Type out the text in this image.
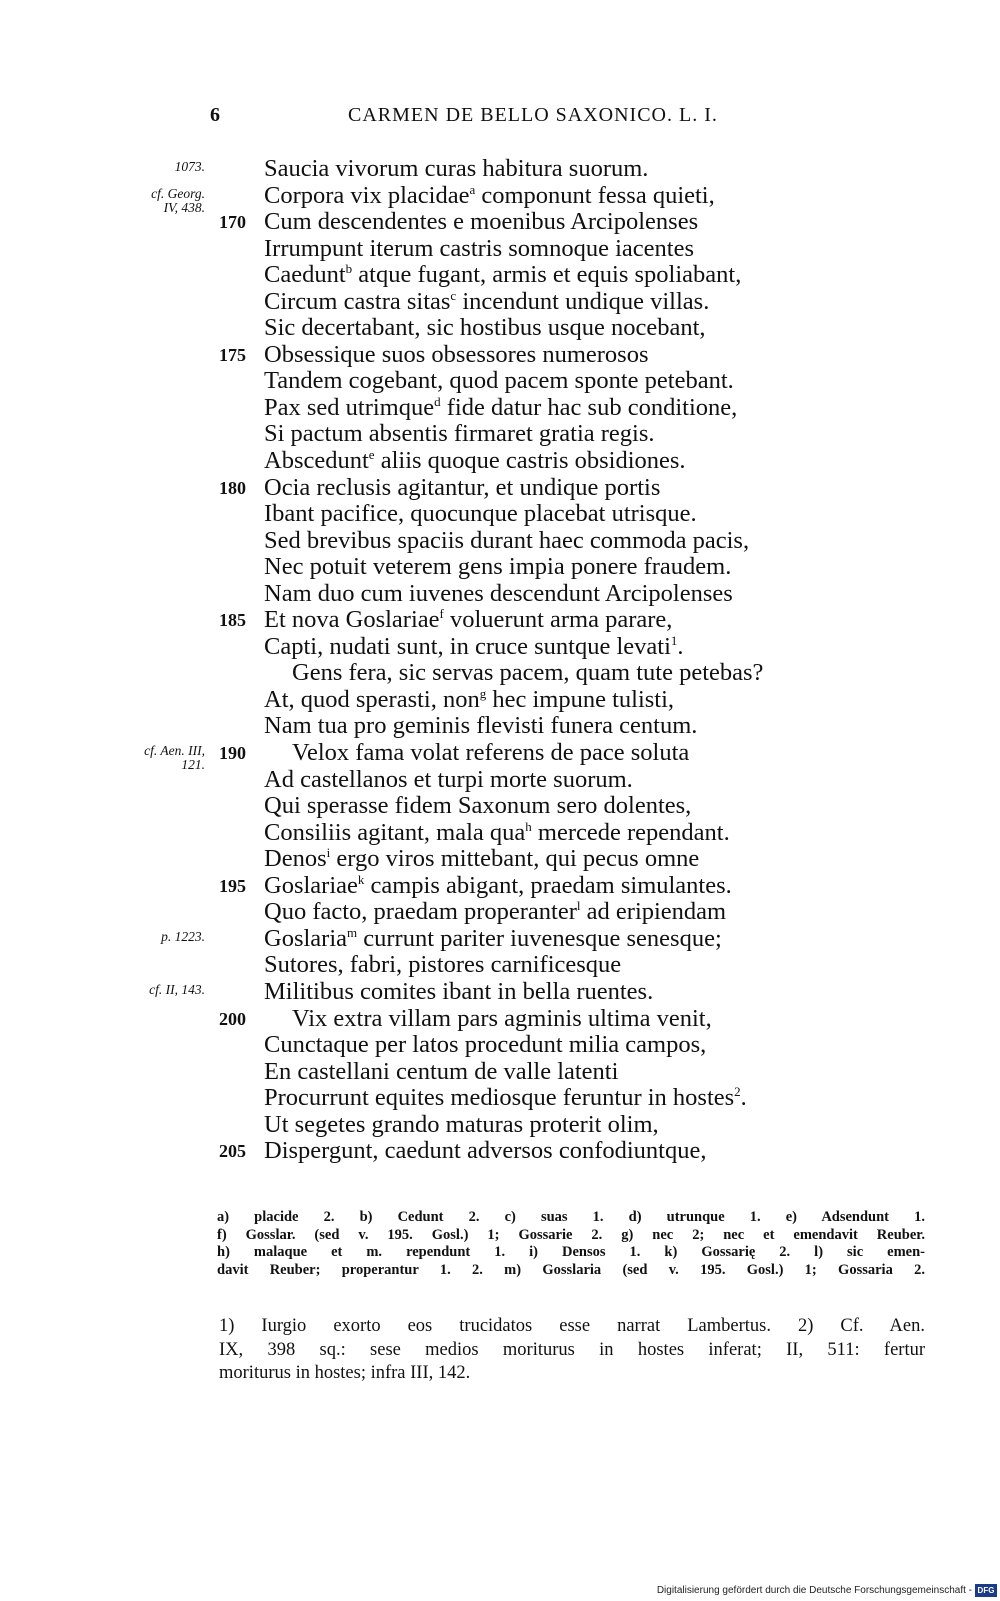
6	CARMEN DE BELLO SAXONICO. L. I.
1073. Saucia vivorum curas habitura suorum.
cf. Georg.
IV, 438. Corpora vix placidae$^a$ componunt fessa quieti,
170 Cum descendentes e moenibus Arcipolenses
Irrumpunt iterum castris somnoque iacentes
Caedunt$^b$ atque fugant, armis et equis spoliabant,
Circum castra sitas$^c$ incendunt undique villas.
Sic decertabant, sic hostibus usque nocebant,
175 Obsessique suos obsessores numerosos
Tandem cogebant, quod pacem sponte petebant.
Pax sed utrimque$^d$ fide datur hac sub conditione,
Si pactum absentis firmaret gratia regis.
Abscedunt$^e$ aliis quoque castris obsidiones.
180 Ocia reclusis agitantur, et undique portis
Ibant pacifice, quocunque placebat utrisque.
Sed brevibus spaciis durant haec commoda pacis,
Nec potuit veterem gens impia ponere fraudem.
Nam duo cum iuvenes descendunt Arcipolenses
185 Et nova Goslariae$^f$ voluerunt arma parare,
Capti, nudati sunt, in cruce suntque levati$^1$.
Gens fera, sic servas pacem, quam tute petebas?
At, quod sperasti, non$^g$ hec impune tulisti,
Nam tua pro geminis flevisti funera centum.
cf. Aen. III,
121.
190 Velox fama volat referens de pace soluta
Ad castellanos et turpi morte suorum.
Qui sperasse fidem Saxonum sero dolentes,
Consiliis agitant, mala qua$^h$ mercede rependant.
Denos$^i$ ergo viros mittebant, qui pecus omne
195 Goslariae$^k$ campis abigant, praedam simulantes.
Quo facto, praedam properanter$^l$ ad eripiendam
p. 1223. Goslaria$^m$ currunt pariter iuvenesque senesque;
Sutores, fabri, pistores carnificesque
cf. II, 143. Militibus comites ibant in bella ruentes.
200 Vix extra villam pars agminis ultima venit,
Cunctaque per latos procedunt milia campos,
En castellani centum de valle latenti
Procurrunt equites mediosque feruntur in hostes$^2$.
Ut segetes grando maturas proterit olim,
205 Dispergunt, caedunt adversos confodiuntque,

a) placide 2. b) Cedunt 2. c) suas 1. d) utrunque 1. e) Adsendunt 1.

f) Gosslar. (sed v. 195. Gosl.) 1; Gossarie 2. g) nec 2; nec et emendavit Reuber.

h) malaque et m. rependunt 1. i) Densos 1. k) Gossarię 2. l) sic emen-

davit Reuber; properantur 1. 2. m) Gosslaria (sed v. 195. Gosl.) 1; Gossaria 2.

1) Iurgio exorto eos trucidatos esse narrat Lambertus. 2) Cf. Aen.

IX, 398 sq.: sese medios moriturus in hostes inferat; II, 511: fertur

moriturus in hostes; infra III, 142.

Digitalisierung gefördert durch die Deutsche Forschungsgemeinschaft - DFG
